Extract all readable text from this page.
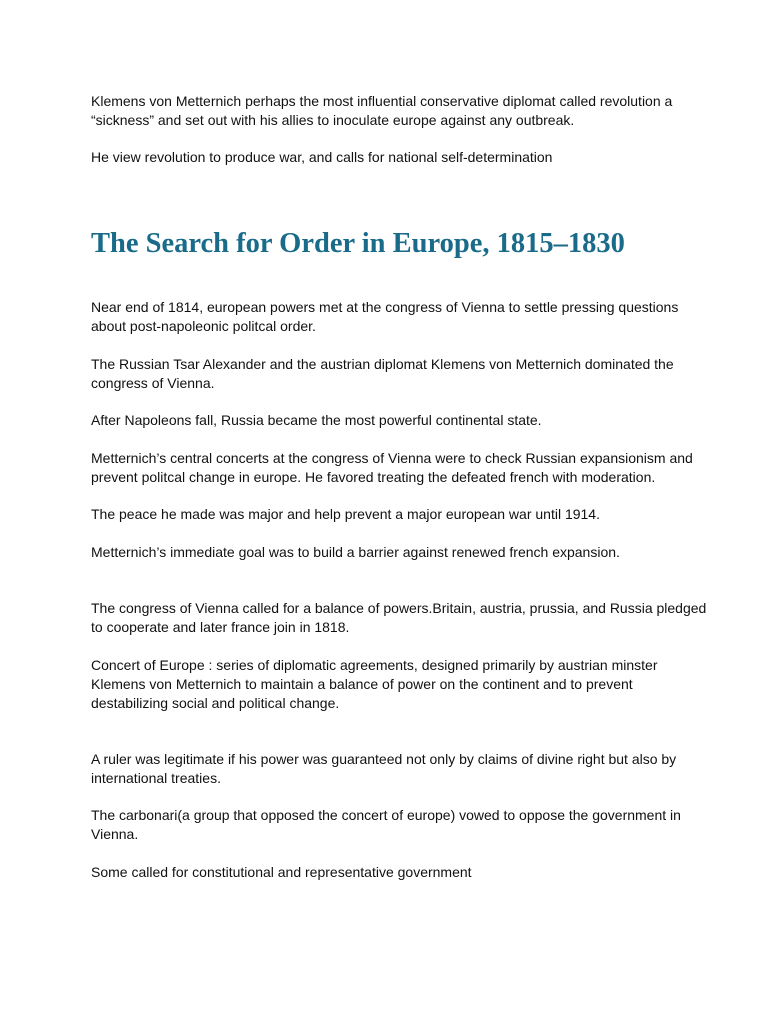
Klemens von Metternich perhaps the most influential conservative diplomat called revolution a “sickness” and set out with his allies to inoculate europe against any outbreak.

He view revolution to produce war, and calls for national self-determination

The Search for Order in Europe, 1815–1830

Near end of 1814, european powers met at the congress of Vienna to settle pressing questions about post-napoleonic politcal order.

The Russian Tsar Alexander and the austrian diplomat Klemens von Metternich dominated the congress of Vienna.

After Napoleons fall, Russia became the most powerful continental state.

Metternich’s central concerts at the congress of Vienna were to check Russian expansionism and prevent politcal change in europe. He favored treating the defeated french with moderation.

The peace he made was major and help prevent a major european war until 1914.

Metternich’s immediate goal was to build a barrier against renewed french expansion.

The congress of Vienna called for a balance of powers.Britain, austria, prussia, and Russia pledged to cooperate and later france join in 1818.

Concert of Europe : series of diplomatic agreements, designed primarily by austrian minster Klemens von Metternich to maintain a balance of power on the continent and to prevent destabilizing social and political change.

A ruler was legitimate if his power was guaranteed not only by claims of divine right but also by international treaties.

The carbonari(a group that opposed the concert of europe) vowed to oppose the government in Vienna.

Some called for constitutional and representative government
